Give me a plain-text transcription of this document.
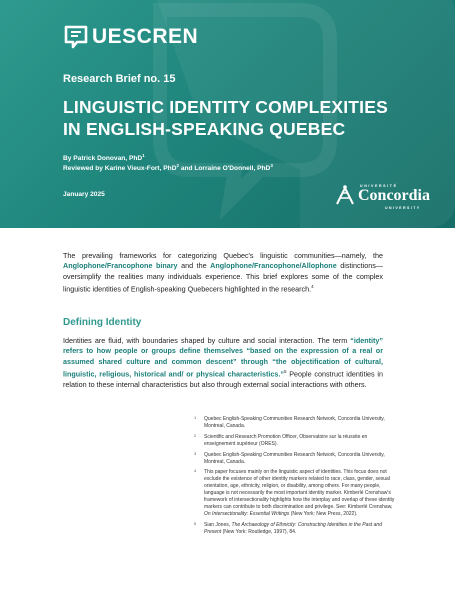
UESCREN
Research Brief no. 15
LINGUISTIC IDENTITY COMPLEXITIES
IN ENGLISH-SPEAKING QUEBEC
By Patrick Donovan, PhD$^1$
Reviewed by Karine Vieux-Fort, PhD$^2$ and Lorraine O'Donnell, PhD$^3$
January 2025
UNIVERSITÉ
Concordia
UNIVERSITY

The prevailing frameworks for categorizing Quebec's linguistic communities—namely, the Anglophone/Francophone binary and the Anglophone/Francophone/Allophone distinctions—oversimplify the realities many individuals experience. This brief explores some of the complex linguistic identities of English-speaking Quebecers highlighted in the research.$^4$

Defining Identity

Identities are fluid, with boundaries shaped by culture and social interaction. The term “identity” refers to how people or groups define themselves “based on the expression of a real or assumed shared culture and common descent” through “the objectification of cultural, linguistic, religious, historical and/ or physical characteristics.”$^5$ People construct identities in relation to these internal characteristics but also through external social interactions with others.

1 Quebec English-Speaking Communities Research Network, Concordia University, Montreal, Canada.
2 Scientific and Research Promotion Officer, Observatoire sur la réussite en enseignement supérieur (ORES).
3 Quebec English-Speaking Communities Research Network, Concordia University, Montreal, Canada.
4 This paper focuses mainly on the linguistic aspect of identities. This focus does not exclude the existence of other identity markers related to race, class, gender, sexual orientation, age, ethnicity, religion, or disability, among others. For many people, language is not necessarily the most important identity marker. Kimberlé Crenshaw's framework of intersectionality highlights how the interplay and overlap of these identity markers can contribute to both discrimination and privilege. See: Kimberlé Crenshaw, On Intersectionality: Essential Writings (New York: New Press, 2022).
5 Sian Jones, The Archaeology of Ethnicity: Constructing Identities in the Past and Present (New York: Routledge, 1997), 84.
